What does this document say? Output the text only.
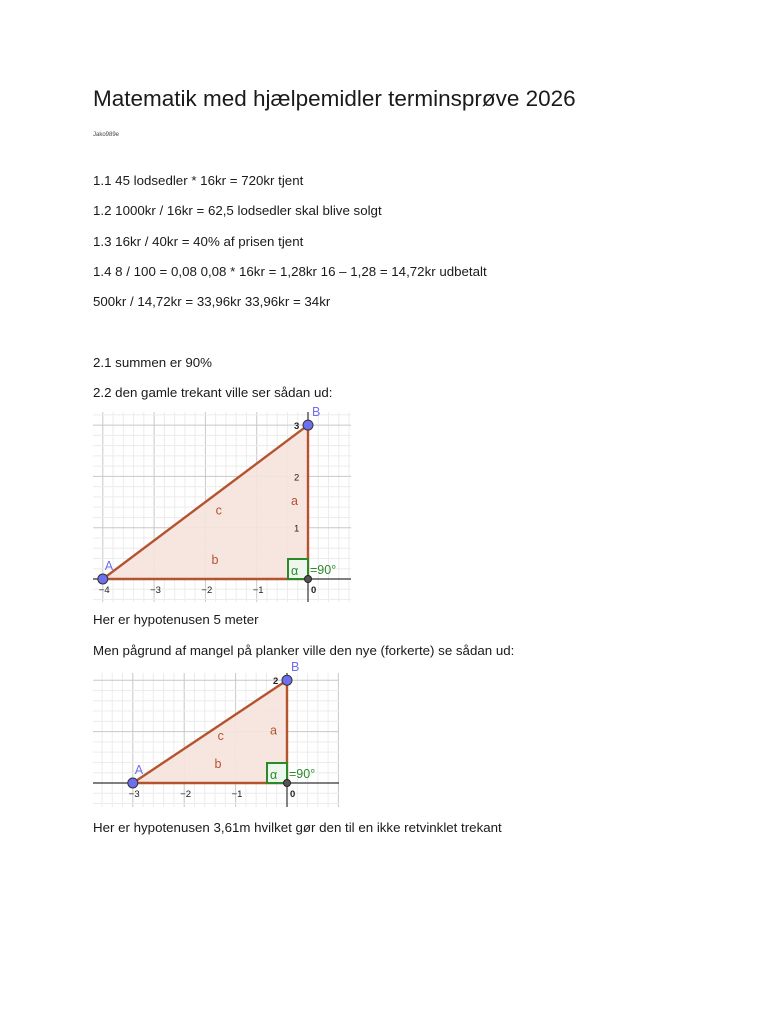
Matematik med hjælpemidler terminsprøve 2026
Jako989e
1.1 45 lodsedler * 16kr = 720kr tjent
1.2 1000kr / 16kr = 62,5 lodsedler skal blive solgt
1.3 16kr / 40kr = 40% af prisen tjent
1.4 8 / 100 = 0,08 0,08 * 16kr = 1,28kr 16 – 1,28 = 14,72kr udbetalt
500kr / 14,72kr = 33,96kr 33,96kr = 34kr
2.1 summen er 90%
2.2 den gamle trekant ville ser sådan ud:
−4	−3	−2	−1	0
1
2
3
a
b
c
A
B
α =90°
Her er hypotenusen 5 meter
Men pågrund af mangel på planker ville den nye (forkerte) se sådan ud:
−3	−2	−1	0
2
a
b
c
A
B
α =90°
Her er hypotenusen 3,61m hvilket gør den til en ikke retvinklet trekant
